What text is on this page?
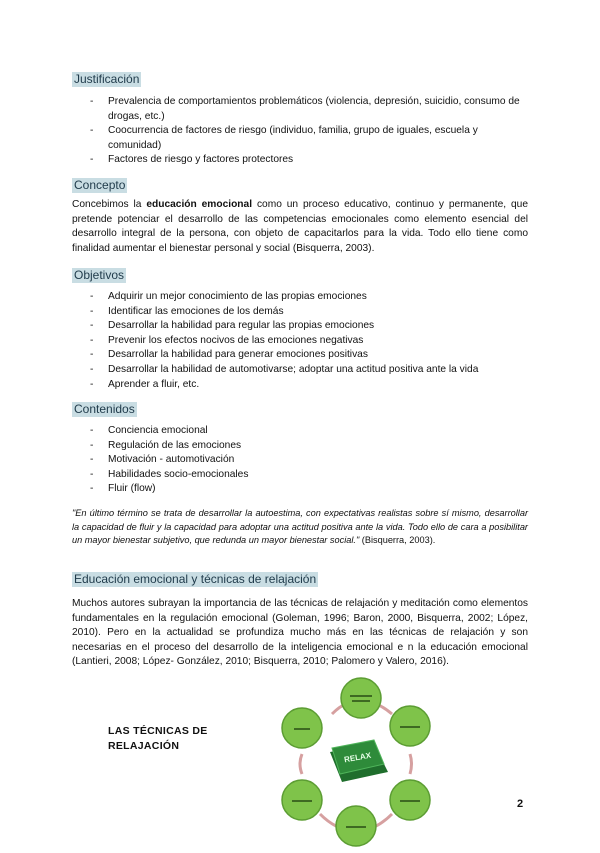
Justificación
- Prevalencia de comportamientos problemáticos (violencia, depresión, suicidio, consumo de drogas, etc.)
- Coocurrencia de factores de riesgo (individuo, familia, grupo de iguales, escuela y comunidad)
- Factores de riesgo y factores protectores
Concepto

Concebimos la educación emocional como un proceso educativo, continuo y permanente, que pretende potenciar el desarrollo de las competencias emocionales como elemento esencial del desarrollo integral de la persona, con objeto de capacitarlos para la vida. Todo ello tiene como finalidad aumentar el bienestar personal y social (Bisquerra, 2003).

Objetivos
- Adquirir un mejor conocimiento de las propias emociones
- Identificar las emociones de los demás
- Desarrollar la habilidad para regular las propias emociones
- Prevenir los efectos nocivos de las emociones negativas
- Desarrollar la habilidad para generar emociones positivas
- Desarrollar la habilidad de automotivarse; adoptar una actitud positiva ante la vida
- Aprender a fluir, etc.
Contenidos
- Conciencia emocional
- Regulación de las emociones
- Motivación - automotivación
- Habilidades socio-emocionales
- Fluir (flow)

"En último término se trata de desarrollar la autoestima, con expectativas realistas sobre sí mismo, desarrollar la capacidad de fluir y la capacidad para adoptar una actitud positiva ante la vida. Todo ello de cara a posibilitar un mayor bienestar subjetivo, que redunda un mayor bienestar social." (Bisquerra, 2003).

Educación emocional y técnicas de relajación

Muchos autores subrayan la importancia de las técnicas de relajación y meditación como elementos fundamentales en la regulación emocional (Goleman, 1996; Baron, 2000, Bisquerra, 2002; López, 2010). Pero en la actualidad se profundiza mucho más en las técnicas de relajación y son necesarias en el proceso del desarrollo de la inteligencia emocional e n la educación emocional (Lantieri, 2008; López- González, 2010; Bisquerra, 2010; Palomero y Valero, 2016).

LAS TÉCNICAS DE RELAJACIÓN
RELAX
2
